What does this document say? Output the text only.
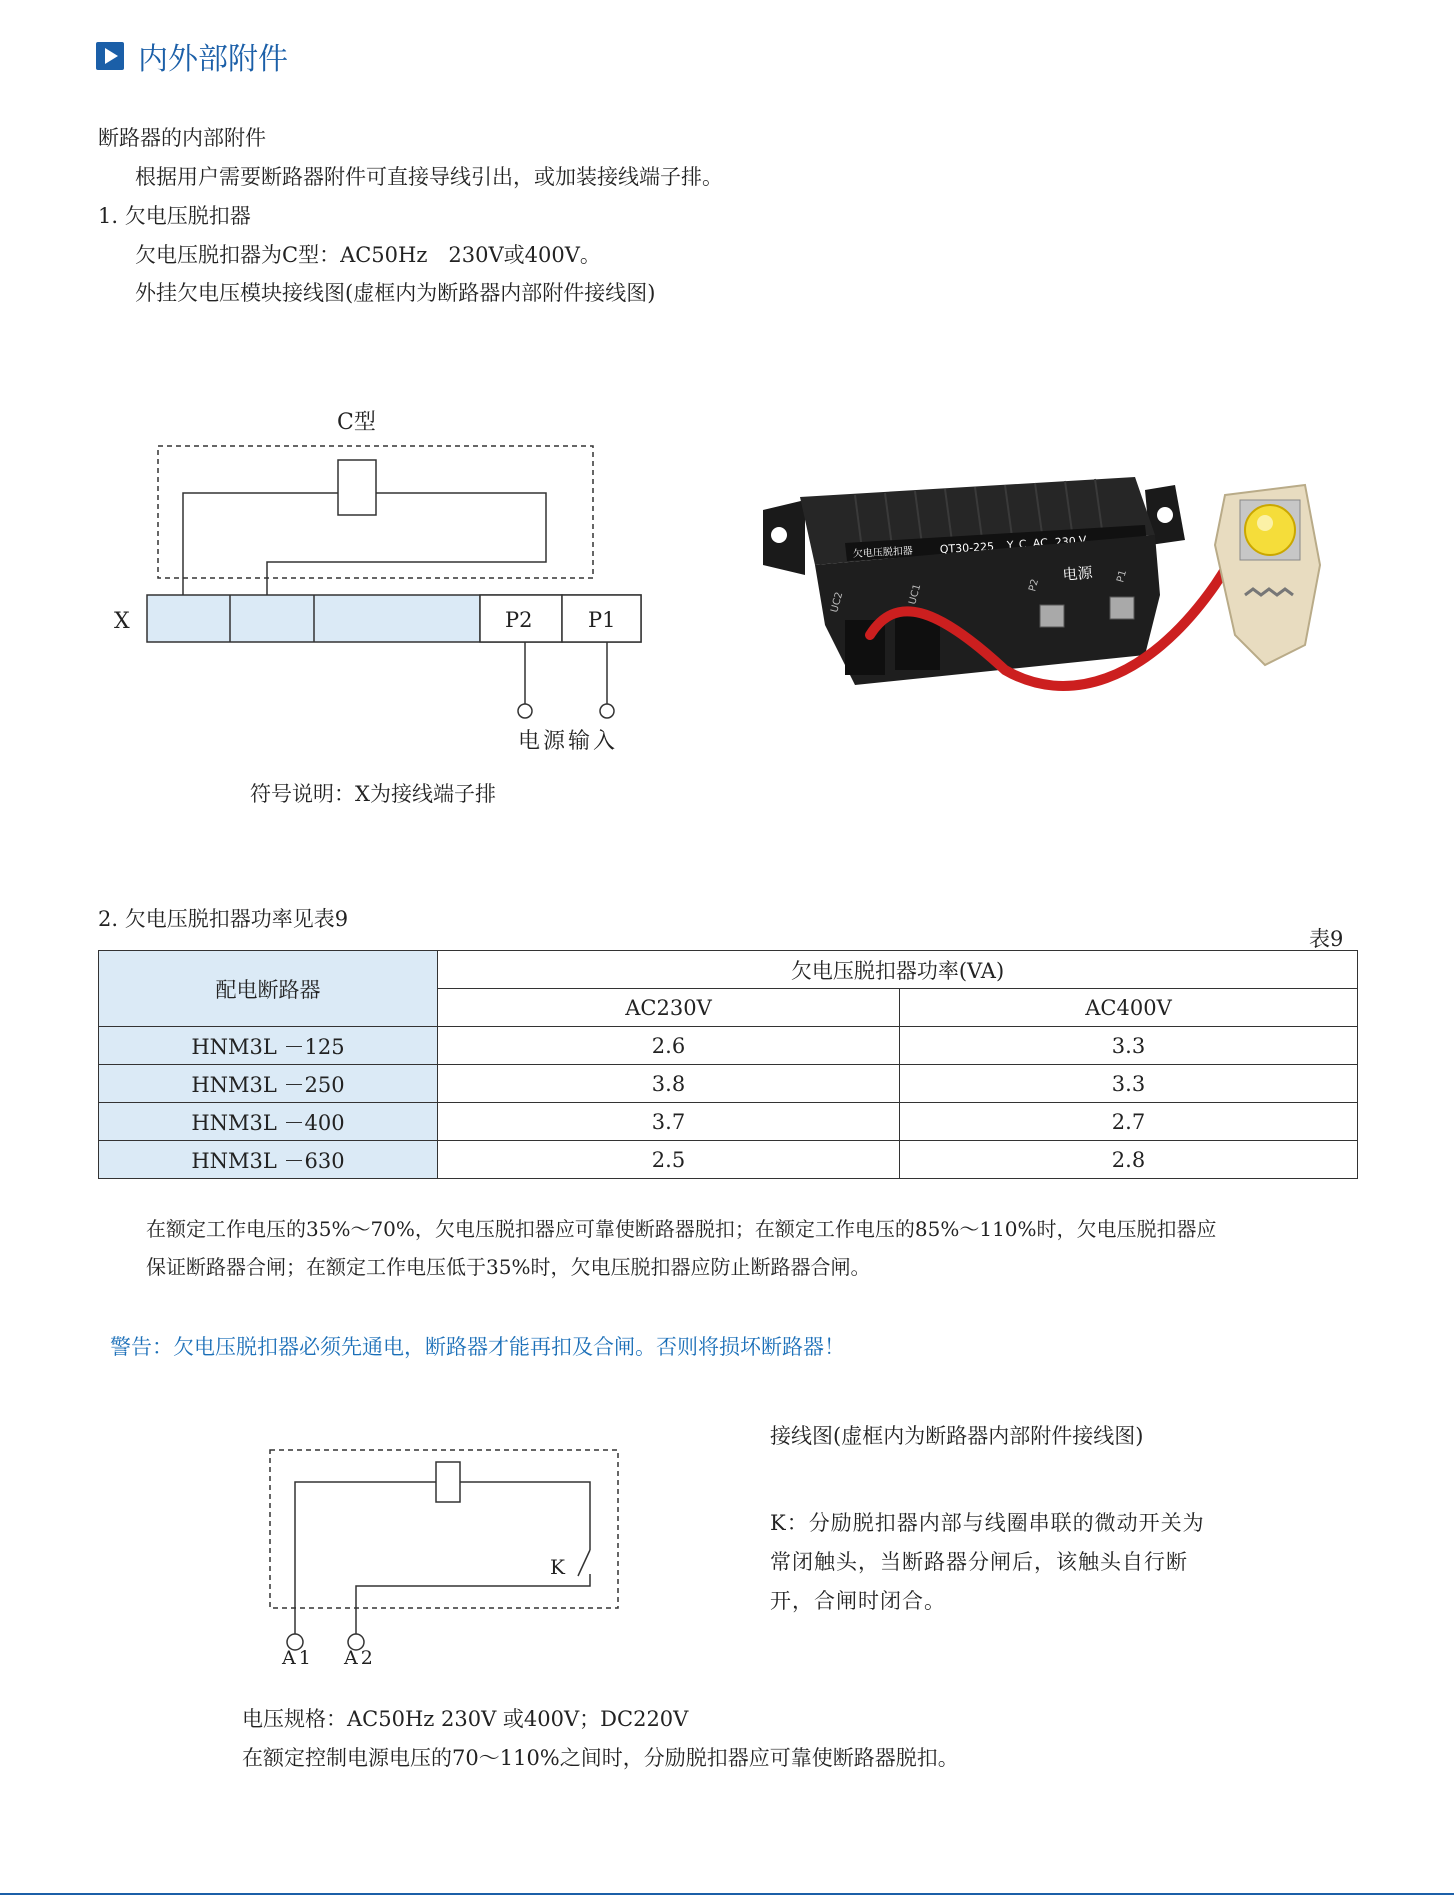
内外部附件
断路器的内部附件
根据用户需要断路器附件可直接导线引出，或加装接线端子排。
1. 欠电压脱扣器
欠电压脱扣器为C型：AC50Hz　230V或400V。
外挂欠电压模块接线图(虚框内为断路器内部附件接线图)
C型
X	P2	P1
电源输入
符号说明：X为接线端子排
欠电压脱扣器 QT30-225 Y C AC 230 V
电源
UC2	UC1	P2
P1
2. 欠电压脱扣器功率见表9
表9
配电断路器	欠电压脱扣器功率(VA)	
	AC230V	AC400V
HNM3L －125	2.6	3.3
HNM3L －250	3.8	3.3
HNM3L －400	3.7	2.7
HNM3L －630	2.5	2.8
在额定工作电压的35%～70%，欠电压脱扣器应可靠使断路器脱扣；在额定工作电压的85%～110%时，欠电压脱扣器应
保证断路器合闸；在额定工作电压低于35%时，欠电压脱扣器应防止断路器合闸。
警告：欠电压脱扣器必须先通电，断路器才能再扣及合闸。否则将损坏断路器！
K
A1 A2
接线图(虚框内为断路器内部附件接线图)
K：分励脱扣器内部与线圈串联的微动开关为
常闭触头，当断路器分闸后，该触头自行断
开，合闸时闭合。
电压规格：AC50Hz 230V 或400V；DC220V
在额定控制电源电压的70～110%之间时，分励脱扣器应可靠使断路器脱扣。
